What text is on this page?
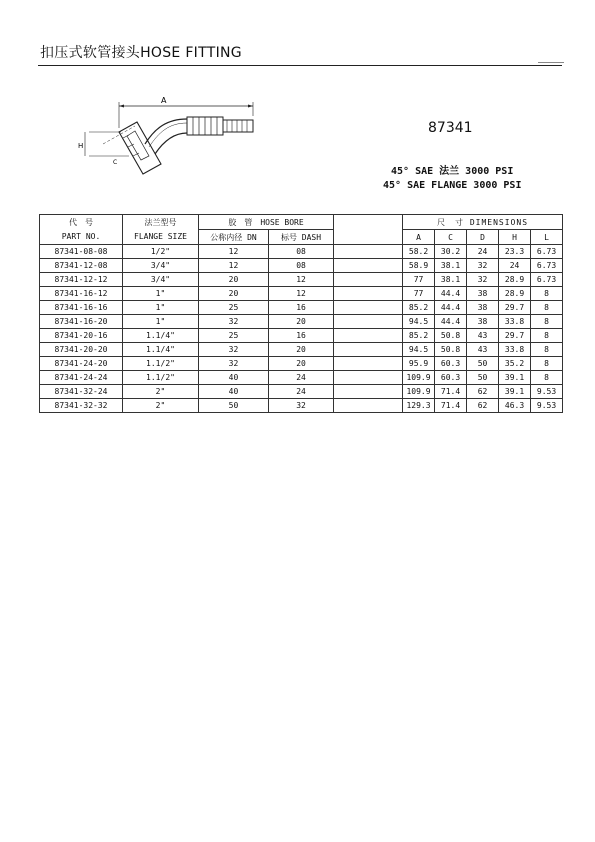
扣压式软管接头HOSE FITTING
A
H
C
87341
45° SAE 法兰 3000 PSI
45° SAE FLANGE 3000 PSI
代　号	法兰型号	胶　管　HOSE BORE			尺　寸 DIMENSIONS				
PART NO.	FLANGE SIZE	公称内径 DN	标号 DASH		A	C	D	H	L
87341-08-08	1/2"	12	08		58.2	30.2	24	23.3	6.73
87341-12-08	3/4"	12	08		58.9	38.1	32	24	6.73
87341-12-12	3/4"	20	12		77	38.1	32	28.9	6.73
87341-16-12	1"	20	12		77	44.4	38	28.9	8
87341-16-16	1"	25	16		85.2	44.4	38	29.7	8
87341-16-20	1"	32	20		94.5	44.4	38	33.8	8
87341-20-16	1.1/4"	25	16		85.2	50.8	43	29.7	8
87341-20-20	1.1/4"	32	20		94.5	50.8	43	33.8	8
87341-24-20	1.1/2"	32	20		95.9	60.3	50	35.2	8
87341-24-24	1.1/2"	40	24		109.9	60.3	50	39.1	8
87341-32-24	2"	40	24		109.9	71.4	62	39.1	9.53
87341-32-32	2"	50	32		129.3	71.4	62	46.3	9.53
